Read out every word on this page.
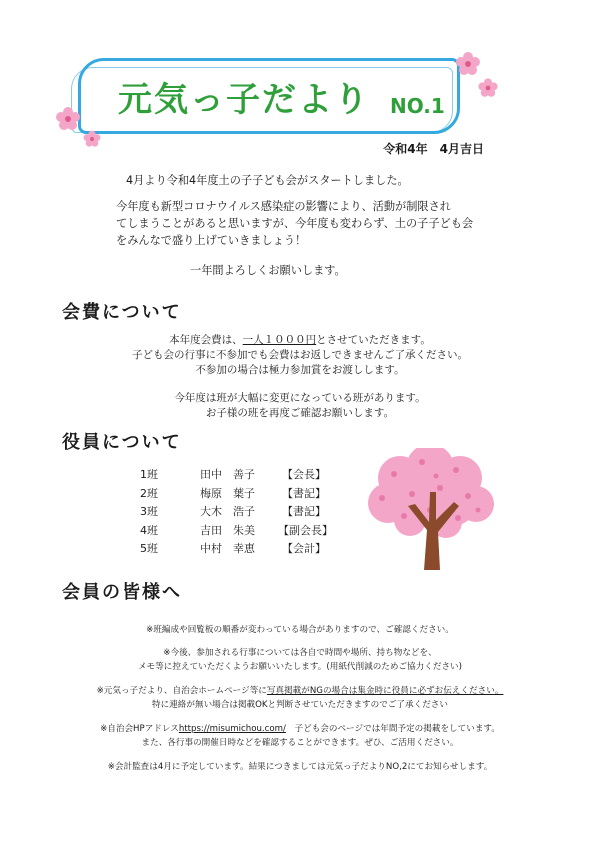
元気っ子だより NO.1
令和4年　4月吉日
4月より令和4年度土の子子ども会がスタートしました。
今年度も新型コロナウイルス感染症の影響により、活動が制限され
てしまうことがあると思いますが、今年度も変わらず、土の子子ども会
をみんなで盛り上げていきましょう！
一年間よろしくお願いします。
会費について
本年度会費は、一人１０００円とさせていただきます。
子ども会の行事に不参加でも会費はお返しできませんご了承ください。
不参加の場合は極力参加賞をお渡しします。
今年度は班が大幅に変更になっている班があります。
お子様の班を再度ご確認お願いします。
役員について
1班	田中　善子 【会長】
2班	梅原　葉子 【書記】
3班	大木　浩子 【書記】
4班	吉田　朱美 【副会長】
5班	中村　幸恵 【会計】
会員の皆様へ
※班編成や回覧板の順番が変わっている場合がありますので、ご確認ください。
※今後、参加される行事については各自で時間や場所、持ち物などを、
メモ等に控えていただくようお願いいたします。(用紙代削減のためご協力ください)
※元気っ子だより、自治会ホームページ等に写真掲載がNGの場合は集金時に役員に必ずお伝えください。
特に連絡が無い場合は掲載OKと判断させていただきますのでご了承ください
※自治会HPアドレスhttps://misumichou.com/　子ども会のページでは年間予定の掲載をしています。
また、各行事の開催日時などを確認することができます。ぜひ、ご活用ください。
※会計監査は4月に予定しています。結果につきましては元気っ子だよりNO,2にてお知らせします。
